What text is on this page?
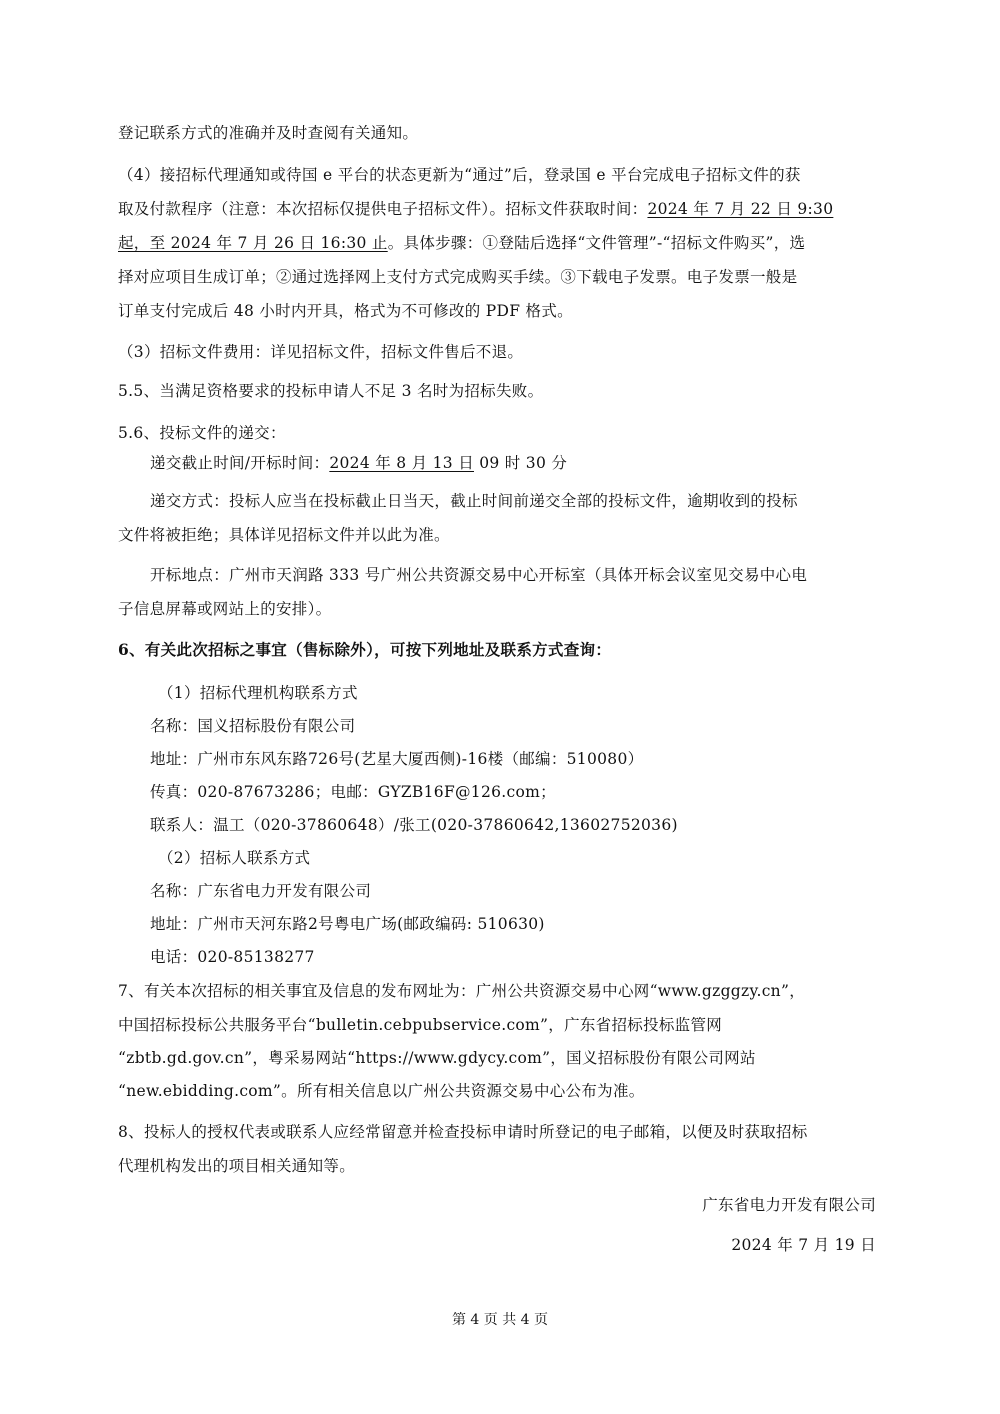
登记联系方式的准确并及时查阅有关通知。
（4）接招标代理通知或待国 e 平台的状态更新为“通过”后，登录国 e 平台完成电子招标文件的获
取及付款程序（注意：本次招标仅提供电子招标文件）。招标文件获取时间：2024 年 7 月 22 日 9:30
起，至 2024 年 7 月 26 日 16:30 止。具体步骤：①登陆后选择“文件管理”-“招标文件购买”，选
择对应项目生成订单；②通过选择网上支付方式完成购买手续。③下载电子发票。电子发票一般是
订单支付完成后 48 小时内开具，格式为不可修改的 PDF 格式。
（3）招标文件费用：详见招标文件，招标文件售后不退。
5.5、当满足资格要求的投标申请人不足 3 名时为招标失败。
5.6、投标文件的递交：
递交截止时间/开标时间：2024 年 8 月 13 日 09 时 30 分
递交方式：投标人应当在投标截止日当天，截止时间前递交全部的投标文件，逾期收到的投标
文件将被拒绝；具体详见招标文件并以此为准。
开标地点：广州市天润路 333 号广州公共资源交易中心开标室（具体开标会议室见交易中心电
子信息屏幕或网站上的安排）。
6、有关此次招标之事宜（售标除外），可按下列地址及联系方式查询：
（1）招标代理机构联系方式
名称：国义招标股份有限公司
地址：广州市东风东路726号(艺星大厦西侧)-16楼（邮编：510080）
传真：020-87673286；电邮：GYZB16F@126.com；
联系人：温工（020-37860648）/张工(020-37860642,13602752036)
（2）招标人联系方式
名称：广东省电力开发有限公司
地址：广州市天河东路2号粤电广场(邮政编码: 510630)
电话：020-85138277
7、有关本次招标的相关事宜及信息的发布网址为：广州公共资源交易中心网“www.gzggzy.cn”，
中国招标投标公共服务平台“bulletin.cebpubservice.com”，广东省招标投标监管网
“zbtb.gd.gov.cn”，粤采易网站“https://www.gdycy.com”，国义招标股份有限公司网站
“new.ebidding.com”。所有相关信息以广州公共资源交易中心公布为准。
8、投标人的授权代表或联系人应经常留意并检查投标申请时所登记的电子邮箱，以便及时获取招标
代理机构发出的项目相关通知等。
广东省电力开发有限公司
2024 年 7 月 19 日
第 4 页 共 4 页
